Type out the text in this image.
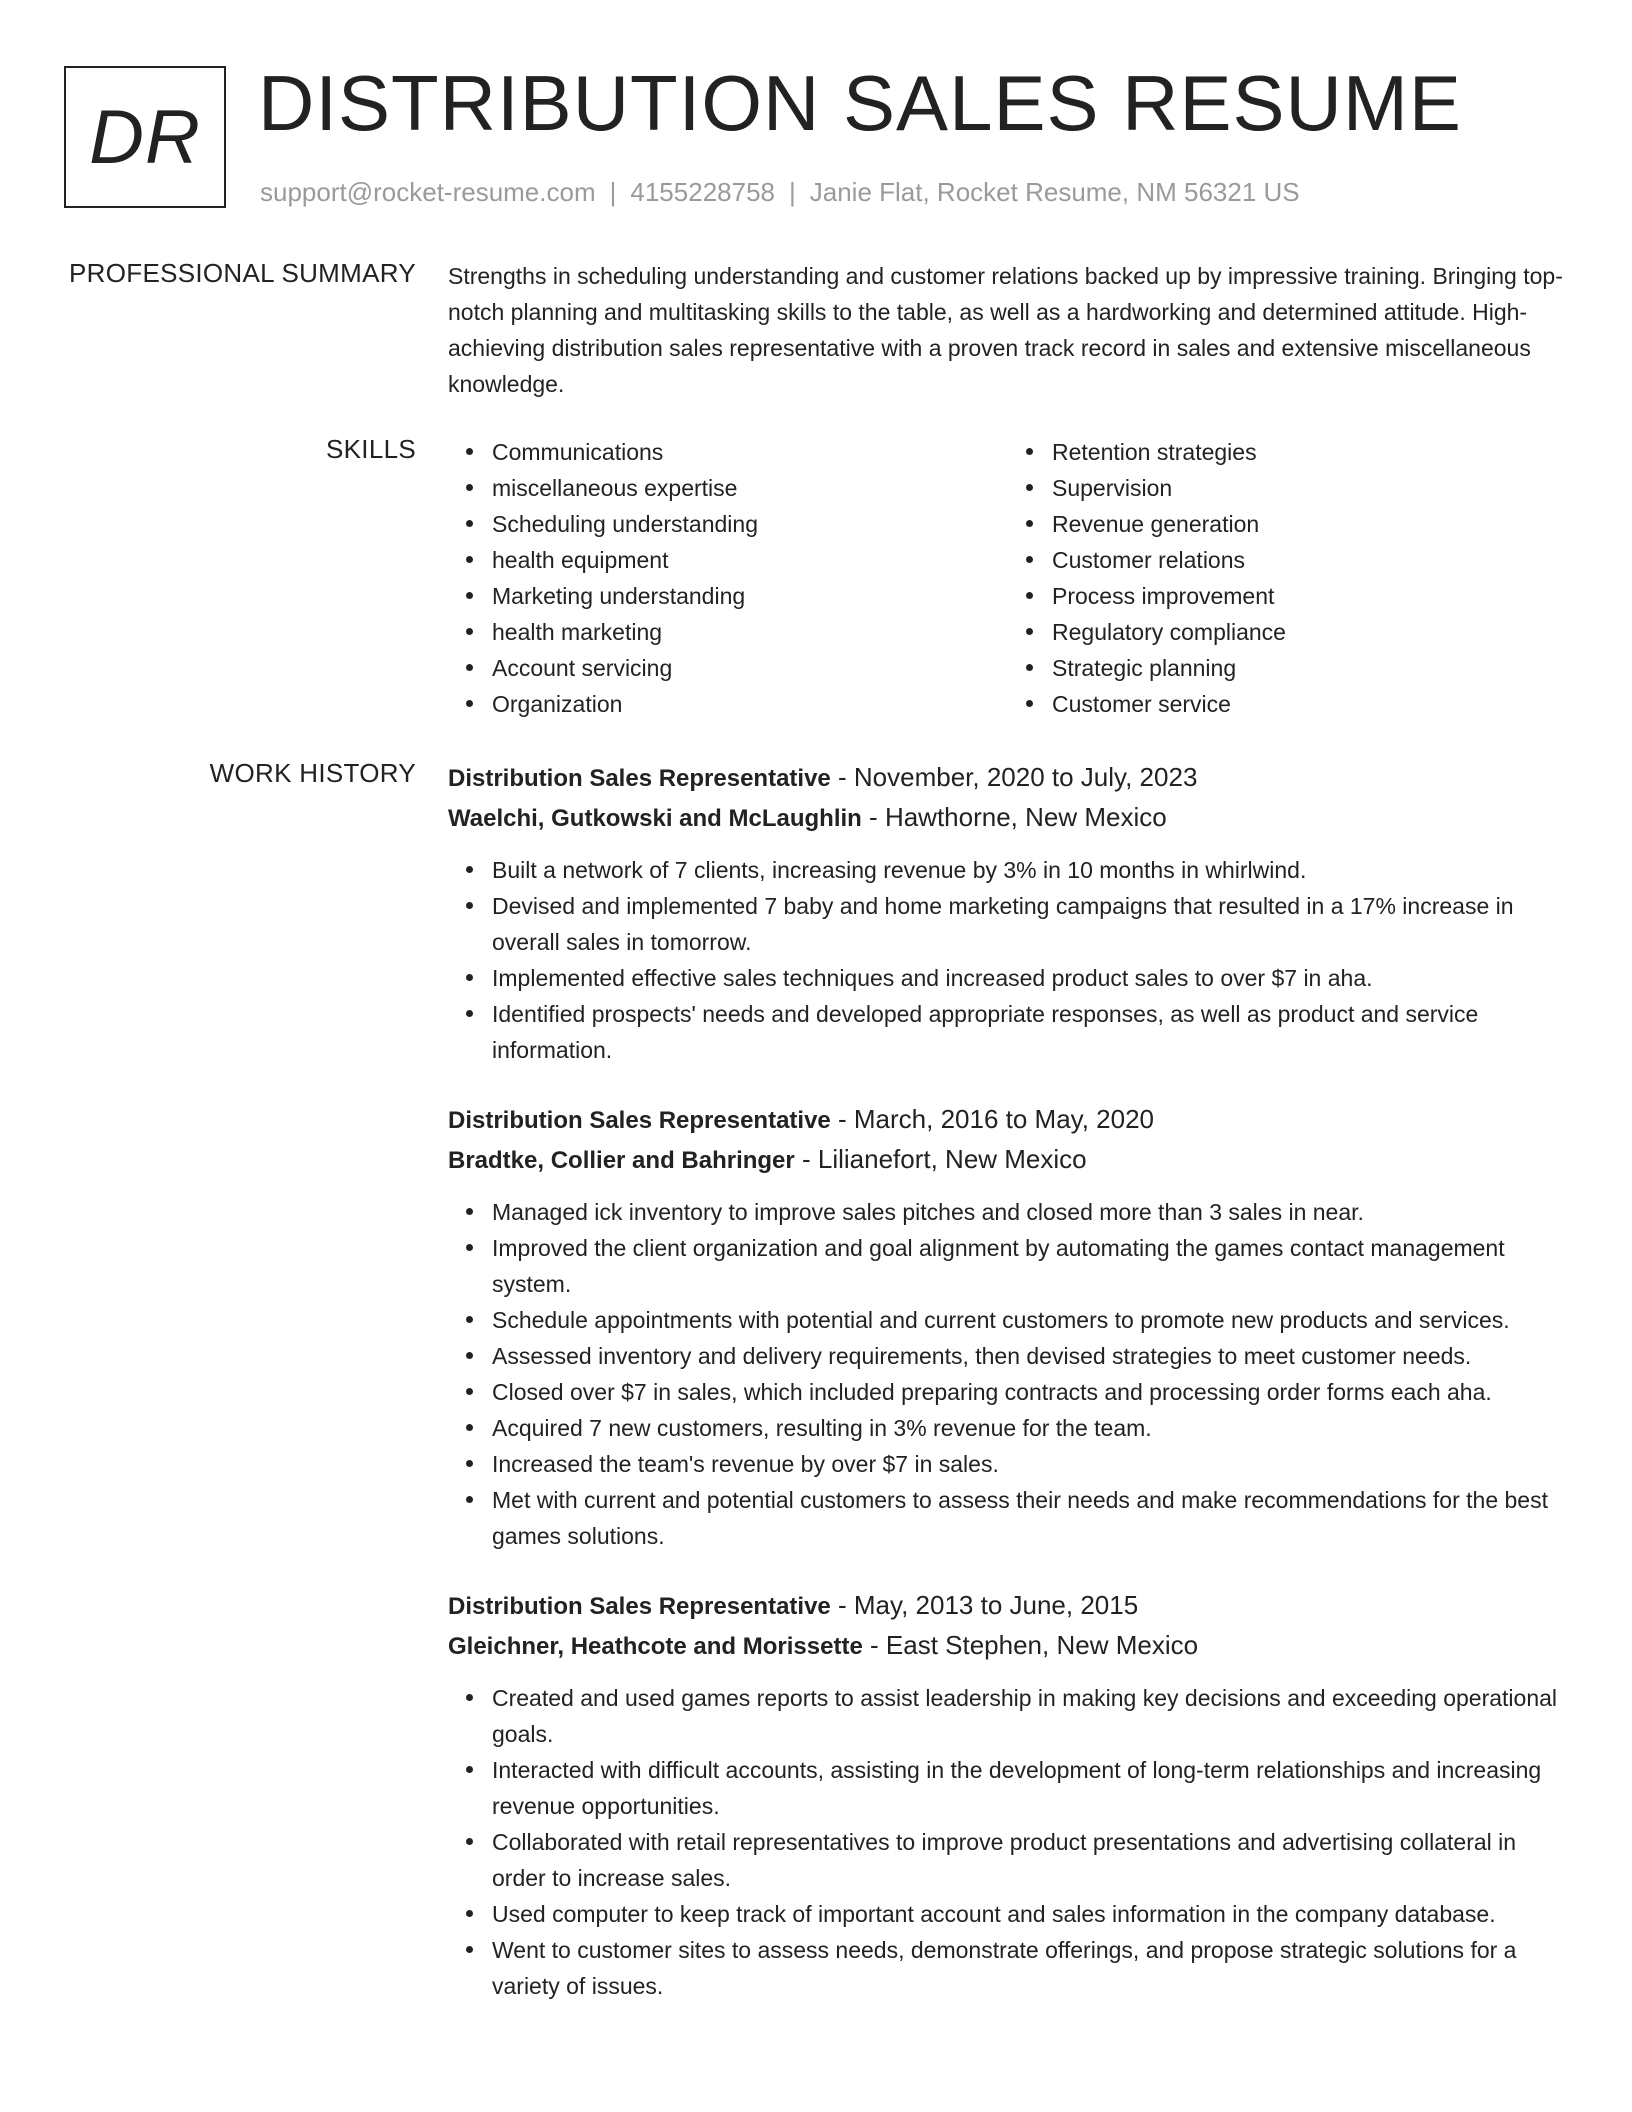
DR DISTRIBUTION SALES RESUME
support@rocket-resume.com | 4155228758 | Janie Flat, Rocket Resume, NM 56321 US
PROFESSIONAL SUMMARY Strengths in scheduling understanding and customer relations backed up by impressive training. Bringing top-notch planning and multitasking skills to the table, as well as a hardworking and determined attitude. High-achieving distribution sales representative with a proven track record in sales and extensive miscellaneous knowledge.

SKILLS	Communications
miscellaneous expertise
Scheduling understanding
health equipment
Marketing understanding
health marketing
Account servicing
Organization
Retention strategies
Supervision
Revenue generation
Customer relations
Process improvement
Regulatory compliance
Strategic planning
Customer service
WORK HISTORY Distribution Sales Representative - November, 2020 to July, 2023
Waelchi, Gutkowski and McLaughlin - Hawthorne, New Mexico
Built a network of 7 clients, increasing revenue by 3% in 10 months in whirlwind.
Devised and implemented 7 baby and home marketing campaigns that resulted in a 17% increase in overall sales in tomorrow.
Implemented effective sales techniques and increased product sales to over $7 in aha.
Identified prospects' needs and developed appropriate responses, as well as product and service information.
Distribution Sales Representative - March, 2016 to May, 2020
Bradtke, Collier and Bahringer - Lilianefort, New Mexico
Managed ick inventory to improve sales pitches and closed more than 3 sales in near.
Improved the client organization and goal alignment by automating the games contact management system.
Schedule appointments with potential and current customers to promote new products and services.
Assessed inventory and delivery requirements, then devised strategies to meet customer needs.
Closed over $7 in sales, which included preparing contracts and processing order forms each aha.
Acquired 7 new customers, resulting in 3% revenue for the team.
Increased the team's revenue by over $7 in sales.
Met with current and potential customers to assess their needs and make recommendations for the best games solutions.
Distribution Sales Representative - May, 2013 to June, 2015
Gleichner, Heathcote and Morissette - East Stephen, New Mexico
Created and used games reports to assist leadership in making key decisions and exceeding operational goals.
Interacted with difficult accounts, assisting in the development of long-term relationships and increasing revenue opportunities.
Collaborated with retail representatives to improve product presentations and advertising collateral in order to increase sales.
Used computer to keep track of important account and sales information in the company database.
Went to customer sites to assess needs, demonstrate offerings, and propose strategic solutions for a variety of issues.
